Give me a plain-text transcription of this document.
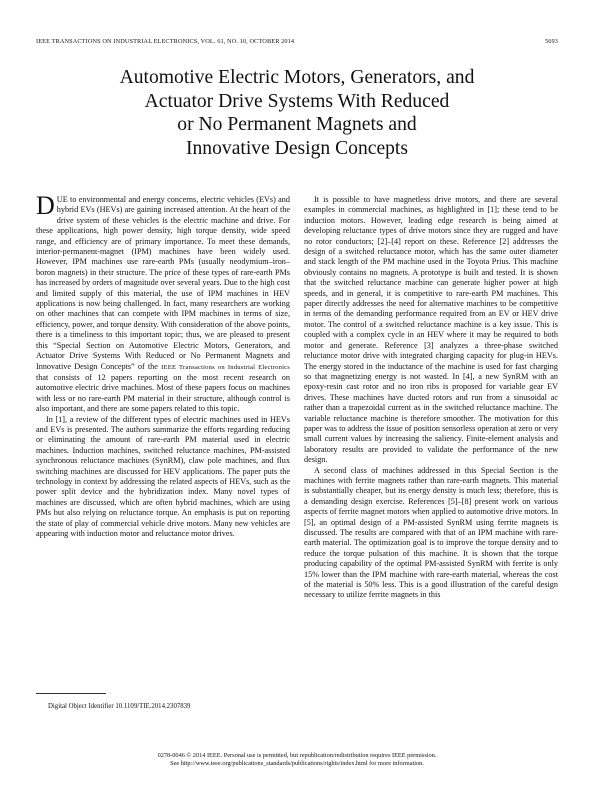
IEEE TRANSACTIONS ON INDUSTRIAL ELECTRONICS, VOL. 61, NO. 10, OCTOBER 2014	5693
Automotive Electric Motors, Generators, and
Actuator Drive Systems With Reduced
or No Permanent Magnets and
Innovative Design Concepts

DUE to environmental and energy concerns, electric vehicles (EVs) and hybrid EVs (HEVs) are gaining increased attention. At the heart of the drive system of these vehicles is the electric machine and drive. For these applications, high power density, high torque density, wide speed range, and efficiency are of primary importance. To meet these demands, interior-permanent-magnet (IPM) machines have been widely used. However, IPM machines use rare-earth PMs (usually neodymium–iron–boron magnets) in their structure. The price of these types of rare-earth PMs has increased by orders of magnitude over several years. Due to the high cost and limited supply of this material, the use of IPM machines in HEV applications is now being challenged. In fact, many researchers are working on other machines that can compete with IPM machines in terms of size, efficiency, power, and torque density. With consideration of the above points, there is a timeliness to this important topic; thus, we are pleased to present this “Special Section on Automotive Electric Motors, Generators, and Actuator Drive Systems With Reduced or No Permanent Magnets and Innovative Design Concepts” of the IEEE Transactions on Industrial Electronics that consists of 12 papers reporting on the most recent research on automotive electric drive machines. Most of these papers focus on machines with less or no rare-earth PM material in their structure, although control is also important, and there are some papers related to this topic.

In [1], a review of the different types of electric machines used in HEVs and EVs is presented. The authors summarize the efforts regarding reducing or eliminating the amount of rare-earth PM material used in electric machines. Induction machines, switched reluctance machines, PM-assisted synchronous reluctance machines (SynRM), claw pole machines, and flux switching machines are discussed for HEV applications. The paper puts the technology in context by addressing the related aspects of HEVs, such as the power split device and the hybridization index. Many novel types of machines are discussed, which are often hybrid machines, which are using PMs but also relying on reluctance torque. An emphasis is put on reporting the state of play of commercial vehicle drive motors. Many new vehicles are appearing with induction motor and reluctance motor drives.

It is possible to have magnetless drive motors, and there are several examples in commercial machines, as highlighted in [1]; these tend to be induction motors. However, leading edge research is being aimed at developing reluctance types of drive motors since they are rugged and have no rotor conductors; [2]–[4] report on these. Reference [2] addresses the design of a switched reluctance motor, which has the same outer diameter and stack length of the PM machine used in the Toyota Prius. This machine obviously contains no magnets. A prototype is built and tested. It is shown that the switched reluctance machine can generate higher power at high speeds, and in general, it is competitive to rare-earth PM machines. This paper directly addresses the need for alternative machines to be competitive in terms of the demanding performance required from an EV or HEV drive motor. The control of a switched reluctance machine is a key issue. This is coupled with a complex cycle in an HEV where it may be required to both motor and generate. Reference [3] analyzes a three-phase switched reluctance motor drive with integrated charging capacity for plug-in HEVs. The energy stored in the inductance of the machine is used for fast charging so that magnetizing energy is not wasted. In [4], a new SynRM with an epoxy-resin cast rotor and no iron ribs is proposed for variable gear EV drives. These machines have ducted rotors and run from a sinusoidal ac rather than a trapezoidal current as in the switched reluctance machine. The variable reluctance machine is therefore smoother. The motivation for this paper was to address the issue of position sensorless operation at zero or very small current values by increasing the saliency. Finite-element analysis and laboratory results are provided to validate the performance of the new design.

A second class of machines addressed in this Special Section is the machines with ferrite magnets rather than rare-earth magnets. This material is substantially cheaper, but its energy density is much less; therefore, this is a demanding design exercise. References [5]–[8] present work on various aspects of ferrite magnet motors when applied to automotive drive motors. In [5], an optimal design of a PM-assisted SynRM using ferrite magnets is discussed. The results are compared with that of an IPM machine with rare-earth material. The optimization goal is to improve the torque density and to reduce the torque pulsation of this machine. It is shown that the torque producing capability of the optimal PM-assisted SynRM with ferrite is only 15% lower than the IPM machine with rare-earth material, whereas the cost of the material is 50% less. This is a good illustration of the careful design necessary to utilize ferrite magnets in this

Digital Object Identifier 10.1109/TIE.2014.2307839
0278-0046 © 2014 IEEE. Personal use is permitted, but republication/redistribution requires IEEE permission.
See http://www.ieee.org/publications_standards/publications/rights/index.html for more information.
